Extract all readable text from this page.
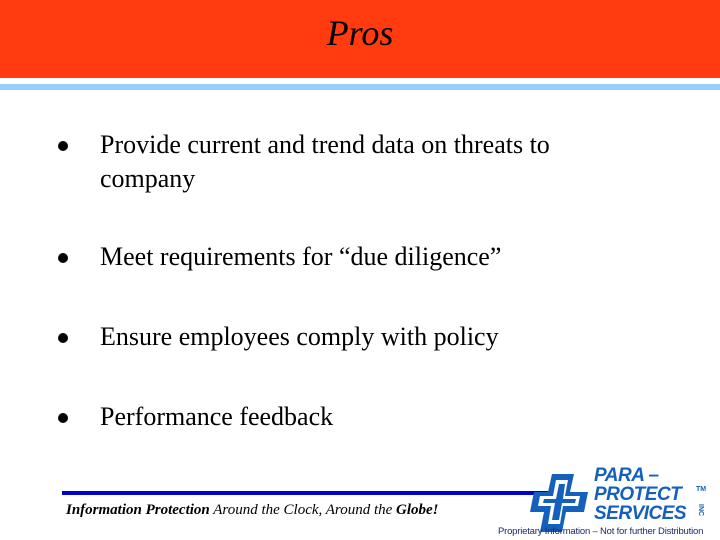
Pros
Provide current and trend data on threats to company
Meet requirements for “due diligence”
Ensure employees comply with policy
Performance feedback
Information Protection Around the Clock, Around the Globe!
PARA –
PROTECT
SERVICES
TM
INC
Proprietary Information – Not for further Distribution
